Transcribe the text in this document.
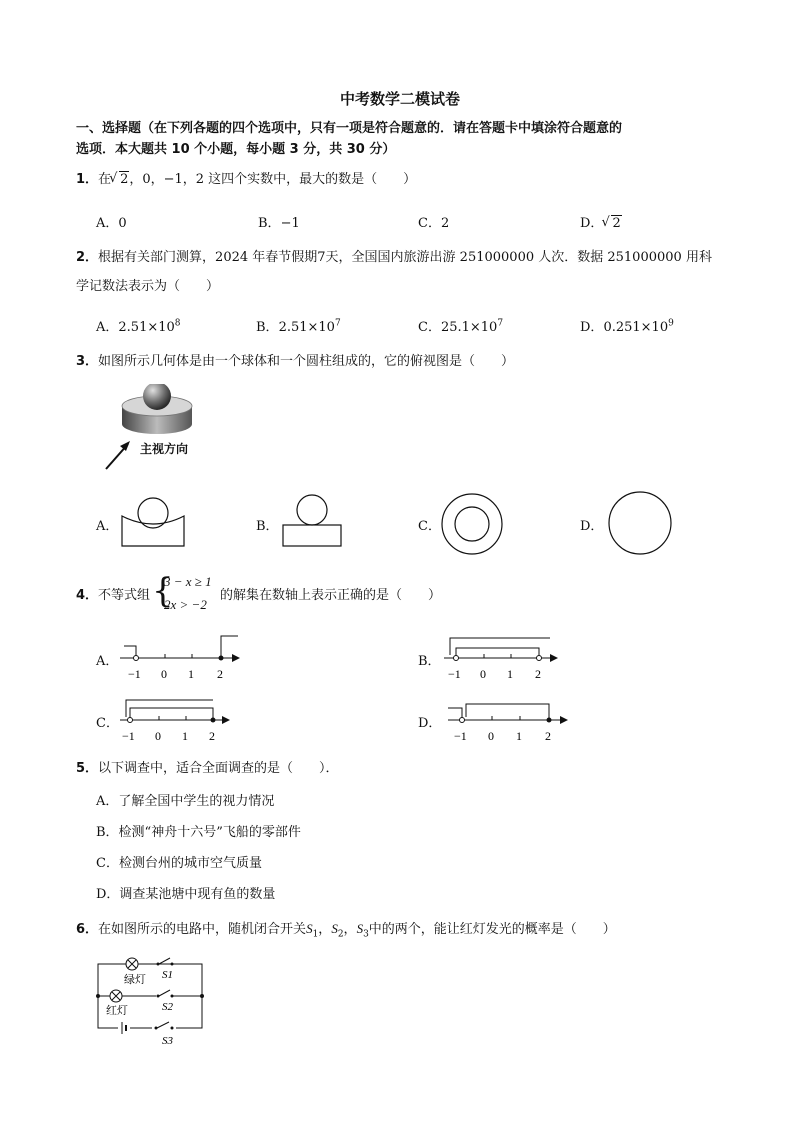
中考数学二模试卷
一、选择题（在下列各题的四个选项中，只有一项是符合题意的．请在答题卡中填涂符合题意的
选项．本大题共 10 个小题，每小题 3 分，共 30 分）
1．在 √ 2，0，−1，2 这四个实数中，最大的数是（　　）
A．0	B．−1	C．2	D． √ 2
2．根据有关部门测算，2024 年春节假期7天，全国国内旅游出游 251000000 人次．数据 251000000 用科
学记数法表示为（　　）
A．$2.51\times 10^8$	B．$2.51\times 10^7$	C．$25.1\times 10^7$	D．$0.251\times 10^9$
3．如图所示几何体是由一个球体和一个圆柱组成的，它的俯视图是（　　）
主视方向
A．	B．	C．	D．
4．不等式组 {
3 − x ≥ 1
2x > −2
的解集在数轴上表示正确的是（　　）
A．
−1 0 1 2
B．
−1 0 1 2
C．
−1 0 1 2
D．
−1 0 1 2
5．以下调查中，适合全面调查的是（　　）．
A．了解全国中学生的视力情况
B．检测“神舟十六号”飞船的零部件
C．检测台州的城市空气质量
D．调查某池塘中现有鱼的数量
6．在如图所示的电路中，随机闭合开关$S_1$，$S_2$，$S_3$中的两个，能让红灯发光的概率是（　　）
绿灯
红灯
S1
S2
S3
